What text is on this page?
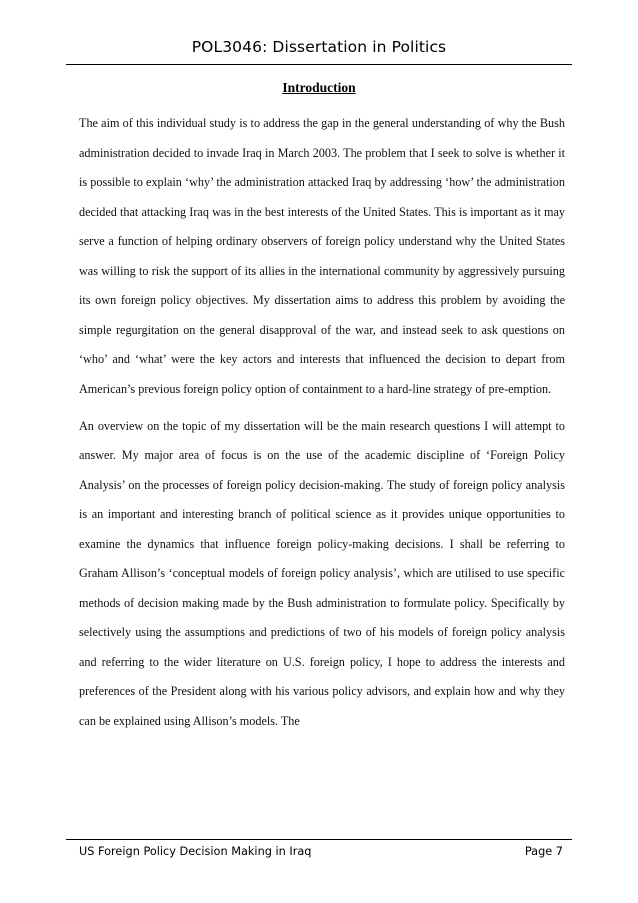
POL3046: Dissertation in Politics
Introduction

The aim of this individual study is to address the gap in the general understanding of why the Bush administration decided to invade Iraq in March 2003. The problem that I seek to solve is whether it is possible to explain ‘why’ the administration attacked Iraq by addressing ‘how’ the administration decided that attacking Iraq was in the best interests of the United States. This is important as it may serve a function of helping ordinary observers of foreign policy understand why the United States was willing to risk the support of its allies in the international community by aggressively pursuing its own foreign policy objectives. My dissertation aims to address this problem by avoiding the simple regurgitation on the general disapproval of the war, and instead seek to ask questions on ‘who’ and ‘what’ were the key actors and interests that influenced the decision to depart from American’s previous foreign policy option of containment to a hard-line strategy of pre-emption.

An overview on the topic of my dissertation will be the main research questions I will attempt to answer. My major area of focus is on the use of the academic discipline of ‘Foreign Policy Analysis’ on the processes of foreign policy decision-making. The study of foreign policy analysis is an important and interesting branch of political science as it provides unique opportunities to examine the dynamics that influence foreign policy-making decisions. I shall be referring to Graham Allison’s ‘conceptual models of foreign policy analysis’, which are utilised to use specific methods of decision making made by the Bush administration to formulate policy. Specifically by selectively using the assumptions and predictions of two of his models of foreign policy analysis and referring to the wider literature on U.S. foreign policy, I hope to address the interests and preferences of the President along with his various policy advisors, and explain how and why they can be explained using Allison’s models. The

US Foreign Policy Decision Making in Iraq	Page 7
